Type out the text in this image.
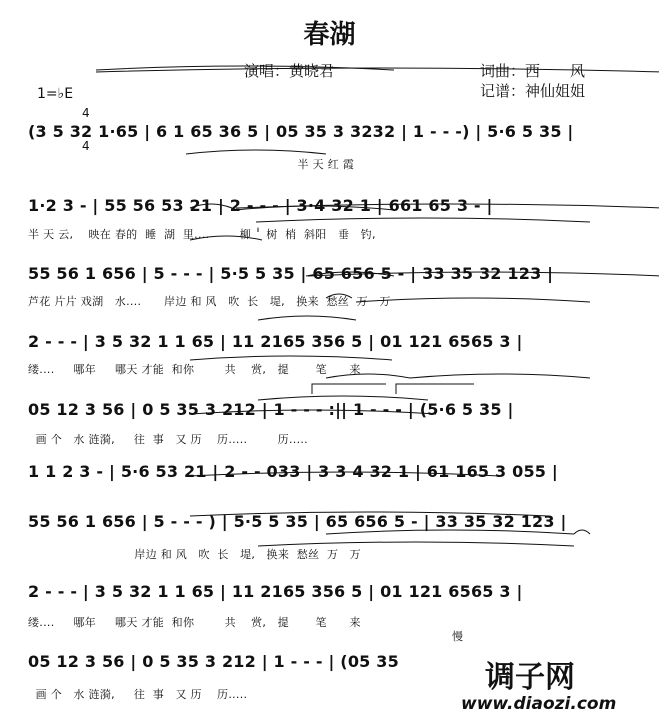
春湖
演唱：黄晓君	词曲：西　　风
记谱：神仙姐姐
1=♭E

4

4

(3 5 32 1·65 | 6 1 65 36 5 | 05 35 3 3232 | 1 - - -) | 5·6 5 35 |
半 天 红 霞
1·2 3 - | 55 56 53 21 | 2 - - - | 3·4 32 1 | 661 65 3 - |
半 天 云,    映在 春的  睡  湖  里....        柳    树  梢  斜阳   垂   钓,
55 56 1 656 | 5 - - - | 5·5 5 35 | 65 656 5 - | 33 35 32 123 |
芦花 片片 戏湖   水....      岸边 和 风   吹  长   堤,   换来  愁丝  万   万
2 - - - | 3 5 32 1 1 65 | 11 2165 356 5 | 01 121 6565 3 |
缕....     哪年     哪天 才能  和你        共    赏,   提       笔      来
05 12 3 56 | 0 5 35 3 212 | 1 - - - :|| 1 - - - | (5·6 5 35 |
画 个   水 涟漪,     往  事   又 历    历.....        历.....
1 1 2 3 - | 5·6 53 21 | 2 - - 033 | 3 3 4 32 1 | 61 165 3 055 |
55 56 1 656 | 5 - - - ) | 5·5 5 35 | 65 656 5 - | 33 35 32 123 |
岸边 和 风   吹  长   堤,   换来  愁丝  万   万
2 - - - | 3 5 32 1 1 65 | 11 2165 356 5 | 01 121 6565 3 |
缕....     哪年     哪天 才能  和你        共    赏,   提       笔      来
05 12 3 56 | 0 5 35 3 212 | 1 - - - | (05 35
画 个   水 涟漪,     往  事   又 历    历.....
慢

调子网

www.diaozi.com
